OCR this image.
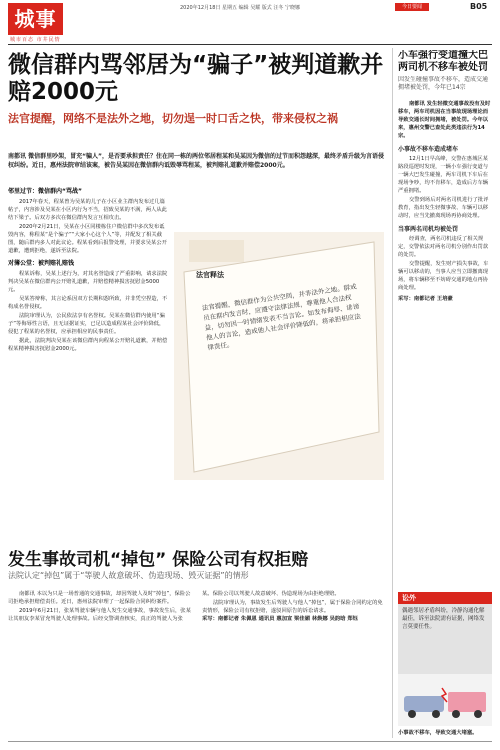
城事
城市百态 市井民情
2020年12月18日 星期五 编辑 吴耀 版式 汪冬 宁晓娜	今日要闻	B05
微信群内骂邻居为“骗子”被判道歉并赔2000元
法官提醒，网络不是法外之地，切勿逞一时口舌之快，带来侵权之祸
南都讯 微信群里吵架，冒充“骗人”，是否要承担责任？住在同一栋的两位邻居程某和吴某因为微信的过节而积怨越深，最终矛盾升级为言语侵权纠纷。近日，惠州法院审结该案，被告吴某因在微信群内诋毁辱骂程某，被判赔礼道歉并赔偿2000元。
邻里过节：微信群内“骂战”

2017年春天，程某曾为吴某的儿子在小区业主群内发布过几篇帖子，内容涉及吴某在小区内行为不当，招致吴某的不满，两人从此结下梁子。后双方多次在微信群内发言互相攻击。

2020年2月21日，吴某在小区同楼栋住户微信群中多次发布诋毁内容，称程某“是个骗子”“大家小心这个人”等，并配发了相关截图，随后群内多人对此议论。程某看到后报警处理，并要求吴某公开道歉，遭到拒绝，遂诉至法院。

对簿公堂：被判赔礼赔钱

程某诉称，吴某上述行为，对其名誉造成了严重影响，请求法院判决吴某在微信群内公开赔礼道歉，并赔偿精神损害抚慰金5000元。

吴某答辩称，其言论系因双方长期积怨所致，并非凭空捏造，不构成名誉侵权。

法院审理认为，公民依法享有名誉权。吴某在微信群内使用“骗子”等侮辱性言语，且无证据证实，已足以造成程某社会评价降低，侵犯了程某的名誉权，应承担相应的民事责任。

据此，法院判决吴某在该微信群内向程某公开赔礼道歉，并赔偿程某精神损害抚慰金2000元。

法官释法
法官提醒，微信群作为公共空间，并非法外之地。群成员在群内发言时，应遵守法律法规，尊重他人合法权益，切勿因一时情绪发表不当言论。如发布侮辱、诽谤他人的言论，造成他人社会评价降低的，将承担相应法律责任。
发生事故司机“掉包” 保险公司有权拒赔
法院认定“掉包”属于“等驶人故意破坏、伪造现场、毁灭证据”的情形

南都讯 本以为只是一场普通的交通事故，却因驾驶人及时“掉包”，保险公司拒绝承担赔偿责任。近日，惠州法院审理了一起保险合同纠纷案件。

2019年6月21日，张某驾驶车辆与他人发生交通事故，事故发生后，张某让其朋友李某冒充驾驶人处理事故。后经交警调查核实，真正的驾驶人为张某。保险公司以驾驶人故意破坏、伪造现场为由拒绝理赔。

法院审理认为，事故发生后驾驶人与他人“掉包”，属于保险合同约定的免责情形，保险公司有权拒赔，遂驳回原告的诉讼请求。

采写：南都记者 朱佩恩 通讯员 惠加宣 梁佳媚 林焕娜 吴韵晗 郑钰
小车强行变道撞大巴 两司机不移车被处罚
因发生碰撞事故不移车，造成交通拥堵被处罚，今年已14宗
南都讯 发生轻微交通事故没有及时移车，两车司机因在当事故现场理论而导致交通长时间拥堵，被处罚。今年以来，惠州交警已查处此类违法行为14宗。
小事故不移车造成堵车

12月1日早高峰，交警在惠城区某路段巡逻时发现，一辆小车强行变道与一辆大巴发生碰撞，两车司机下车后在现场争吵，均不肯移车，造成后方车辆严重拥堵。

交警到场后对两名司机进行了批评教育，指出发生轻微事故、车辆可以移动时，应当先撤离现场再协商处理。

当事两名司机均被处罚

经调查，两名司机违反了相关规定，交警依法对两名司机分别作出罚款的处罚。

交警提醒，发生财产损失事故，车辆可以移动的，当事人应当立即撤离现场，将车辆移至不妨碍交通的地点再协商处理。

采写：南都记者 王培豪
讼外
偶遇邻居矛盾纠纷，冷静沟通化解最佳，诉至法院需有证据，网络发言莫要任性。
小事故不移车，导致交通大堵塞。
